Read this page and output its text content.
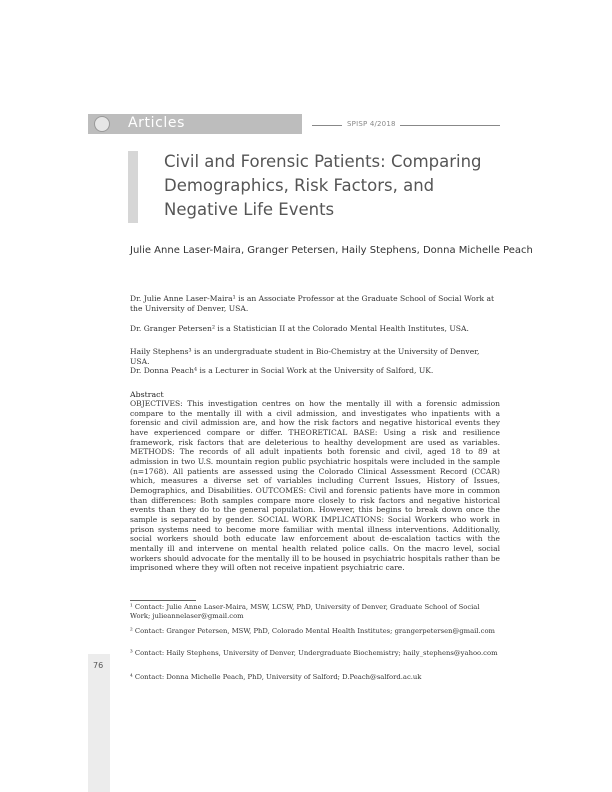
Articles	SPISP 4/2018
Civil and Forensic Patients: Comparing Demographics, Risk Factors, and Negative Life Events
Julie Anne Laser-Maira, Granger Petersen, Haily Stephens, Donna Michelle Peach

Dr. Julie Anne Laser-Maira¹ is an Associate Professor at the Graduate School of Social Work at the University of Denver, USA.

Dr. Granger Petersen² is a Statistician II at the Colorado Mental Health Institutes, USA.

Haily Stephens³ is an undergraduate student in Bio-Chemistry at the University of Denver, USA.

Dr. Donna Peach⁴ is a Lecturer in Social Work at the University of Salford, UK.

Abstract

OBJECTIVES: This investigation centres on how the mentally ill with a forensic admission compare to the mentally ill with a civil admission, and investigates who inpatients with a forensic and civil admission are, and how the risk factors and negative historical events they have experienced compare or differ. THEORETICAL BASE: Using a risk and resilience framework, risk factors that are deleterious to healthy development are used as variables. METHODS: The records of all adult inpatients both forensic and civil, aged 18 to 89 at admission in two U.S. mountain region public psychiatric hospitals were included in the sample (n=1768). All patients are assessed using the Colorado Clinical Assessment Record (CCAR) which, measures a diverse set of variables including Current Issues, History of Issues, Demographics, and Disabilities. OUTCOMES: Civil and forensic patients have more in common than differences: Both samples compare more closely to risk factors and negative historical events than they do to the general population. However, this begins to break down once the sample is separated by gender. SOCIAL WORK IMPLICATIONS: Social Workers who work in prison systems need to become more familiar with mental illness interventions. Additionally, social workers should both educate law enforcement about de-escalation tactics with the mentally ill and intervene on mental health related police calls. On the macro level, social workers should advocate for the mentally ill to be housed in psychiatric hospitals rather than be imprisoned where they will often not receive inpatient psychiatric care.

¹ Contact: Julie Anne Laser-Maira, MSW, LCSW, PhD, University of Denver, Graduate School of Social Work; julieannelaser@gmail.com

² Contact: Granger Petersen, MSW, PhD, Colorado Mental Health Institutes; grangerpetersen@gmail.com

³ Contact: Haily Stephens, University of Denver, Undergraduate Biochemistry; haily_stephens@yahoo.com

⁴ Contact: Donna Michelle Peach, PhD, University of Salford; D.Peach@salford.ac.uk

76
